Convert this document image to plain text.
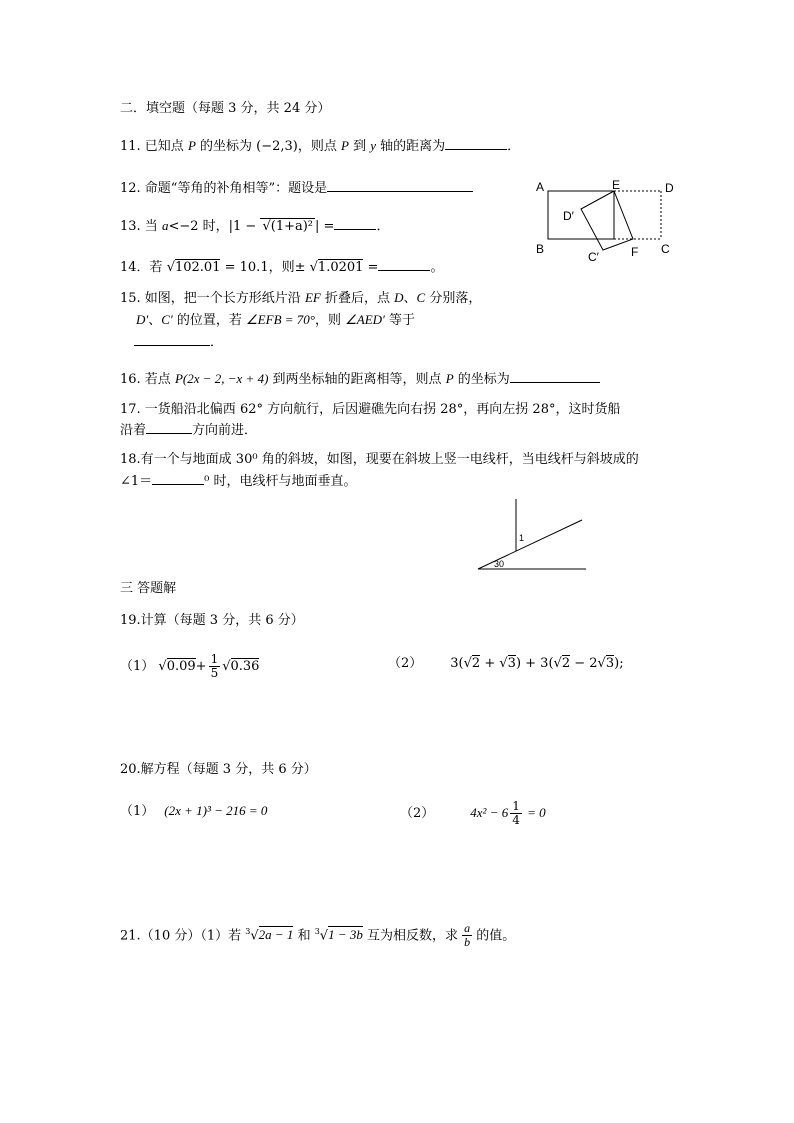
二．填空题（每题 3 分，共 24 分）
11. 已知点 P 的坐标为 (−2,3)，则点 P 到 y 轴的距离为	．
12. 命题“等角的补角相等”：题设是
13. 当 a<−2 时，|1 − √(1+a)² | =	．
14．若 √102.01 = 10.1，则± √1.0201 =	。
15. 如图，把一个长方形纸片沿 EF 折叠后，点 D、C 分别落，
D′、C′ 的位置，若 ∠EFB = 70°，则 ∠AED′ 等于
．
16. 若点 P(2x − 2, −x + 4) 到两坐标轴的距离相等，则点 P 的坐标为
17. 一货船沿北偏西 62° 方向航行，后因避礁先向右拐 28°，再向左拐 28°，这时货船
沿着	方向前进．
18.有一个与地面成 30⁰ 角的斜坡，如图，现要在斜坡上竖一电线杆，当电线杆与斜坡成的
∠1＝	⁰ 时，电线杆与地面垂直。
A	E	D
B	C
F
C′
D′
1
30
三 答题解
19.计算（每题 3 分，共 6 分）
（1） $√0.09+ \frac{1}{5} √0.36$	（2） 3(√2 + √3) + 3(√2 − 2√3);
20.解方程（每题 3 分，共 6 分）
（1） (2x + 1)³ − 216 = 0	（2）	$4x^2 - 6 \frac{1}{4} = 0$
21.（10 分）（1）若 $^3$√2a − 1 和 $^3$√1 − 3b 互为相反数，求 $\frac{a}{b}$ 的值。
